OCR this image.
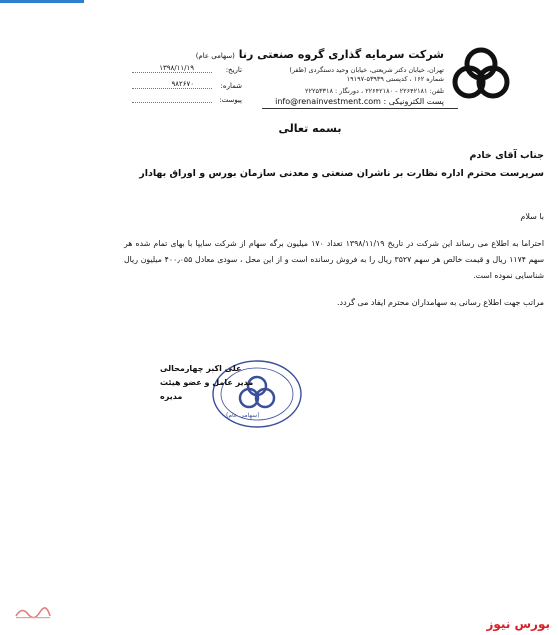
شرکت سرمایه گذاری گروه صنعتی رنا (سهامی عام)
تهران، خیابان دکتر شریعتی، خیابان وحید دستگردی (ظفر)
شماره ۱۶۲ ، کدپستی ۵۳۹۳۹-۱۹۱۹۷
تلفن: ۲۲۶۴۲۱۸۱ - ۲۲۶۴۲۱۸۰ ، دورنگار : ۲۲۲۵۳۳۱۸
پست الکترونیکی : info@renainvestment.com
تاریخ:
۱۳۹۸/۱۱/۱۹
شماره:
۹۸۲۶۷۰
پیوست:
بسمه تعالی
جناب آقای خادم
سرپرست محترم اداره نظارت بر ناشران صنعتی و معدنی سازمان بورس و اوراق بهادار
با سلام
احتراما به اطلاع می رساند این شرکت در تاریخ ۱۳۹۸/۱۱/۱۹ تعداد ۱۷۰ میلیون برگه سهام از شرکت سایپا با بهای تمام شده هر سهم ۱۱۷۴ ریال و قیمت خالص هر سهم ۳۵۲۷ ریال را به فروش رسانده است و از این محل ، سودی معادل ۴۰۰٫۰۵۵ میلیون ریال شناسایی نموده است.
مراتب جهت اطلاع رسانی به سهامداران محترم ایفاد می گردد.
(سهامی عام)
علی اکبر چهارمحالی
مدیر عامل و عضو هیئت مدیره
بورس نیوز
